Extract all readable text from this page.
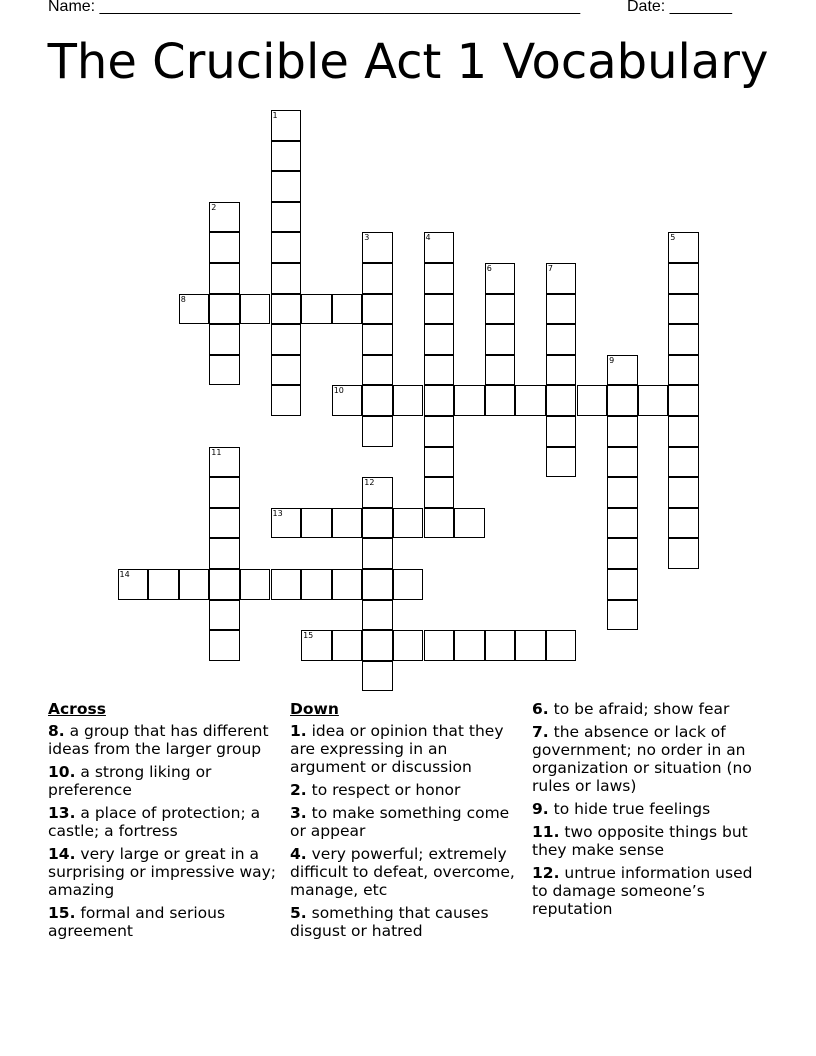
Name: ______________________________________________________	Date: _______
The Crucible Act 1 Vocabulary
1
2
3	4	5
6	7
8
9
10
11
12
13
14
15
Across
8. a group that has different ideas from the larger group
10. a strong liking or preference
13. a place of protection; a castle; a fortress
14. very large or great in a surprising or impressive way; amazing
15. formal and serious agreement
Down
1. idea or opinion that they are expressing in an argument or discussion
2. to respect or honor
3. to make something come or appear
4. very powerful; extremely difficult to defeat, overcome, manage, etc
5. something that causes disgust or hatred
6. to be afraid; show fear
7. the absence or lack of government; no order in an organization or situation (no rules or laws)
9. to hide true feelings
11. two opposite things but they make sense
12. untrue information used to damage someone’s reputation
